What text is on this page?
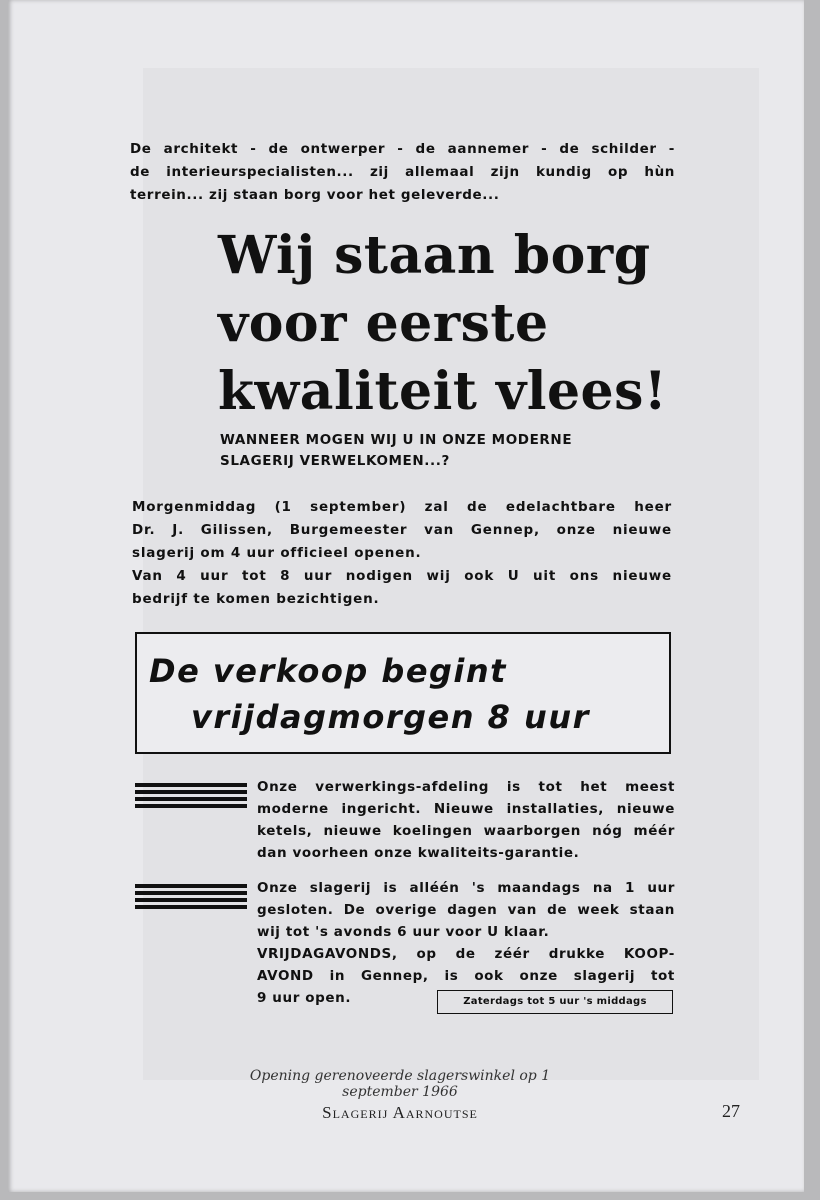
De architekt - de ontwerper - de aannemer - de schilder -
de interieurspecialisten... zij allemaal zijn kundig op hùn
terrein... zij staan borg voor het geleverde...
Wij staan borg
voor eerste
kwaliteit vlees!
WANNEER MOGEN WIJ U IN ONZE MODERNE
SLAGERIJ VERWELKOMEN...?
Morgenmiddag (1 september) zal de edelachtbare heer
Dr. J. Gilissen, Burgemeester van Gennep, onze nieuwe
slagerij om 4 uur officieel openen.
Van 4 uur tot 8 uur nodigen wij ook U uit ons nieuwe
bedrijf te komen bezichtigen.
De verkoop begint
vrijdagmorgen 8 uur
Onze verwerkings-afdeling is tot het meest
moderne ingericht. Nieuwe installaties, nieuwe
ketels, nieuwe koelingen waarborgen nóg méér
dan voorheen onze kwaliteits-garantie.
Onze slagerij is alléén 's maandags na 1 uur
gesloten. De overige dagen van de week staan
wij tot 's avonds 6 uur voor U klaar.
VRIJDAGAVONDS, op de zéér drukke KOOP-
AVOND in Gennep, is ook onze slagerij tot
9 uur open.	Zaterdags tot 5 uur 's middags
Opening gerenoveerde slagerswinkel op 1 september 1966
Slagerij Aarnoutse	27
